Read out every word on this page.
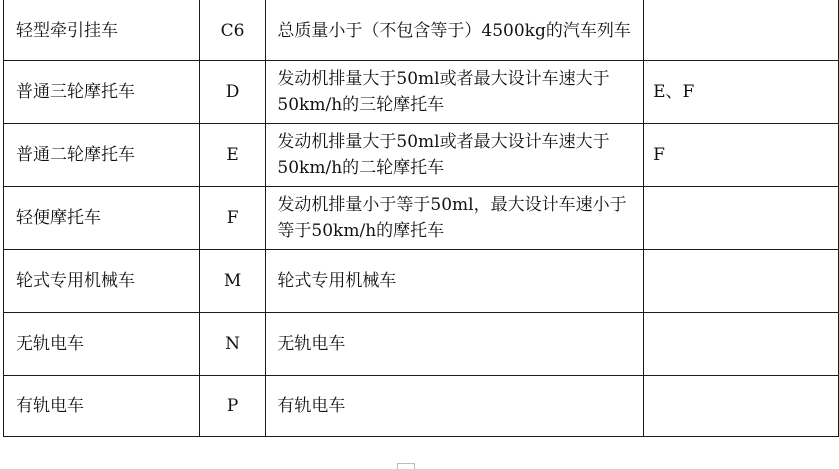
轻型牵引挂车	C6	总质量小于（不包含等于）4500kg的汽车列车	
普通三轮摩托车	D	发动机排量大于50ml或者最大设计车速大于50km/h的三轮摩托车	E、F
普通二轮摩托车	E	发动机排量大于50ml或者最大设计车速大于50km/h的二轮摩托车	F
轻便摩托车	F	发动机排量小于等于50ml，最大设计车速小于等于50km/h的摩托车	
轮式专用机械车	M	轮式专用机械车	
无轨电车	N	无轨电车	
有轨电车	P	有轨电车	
